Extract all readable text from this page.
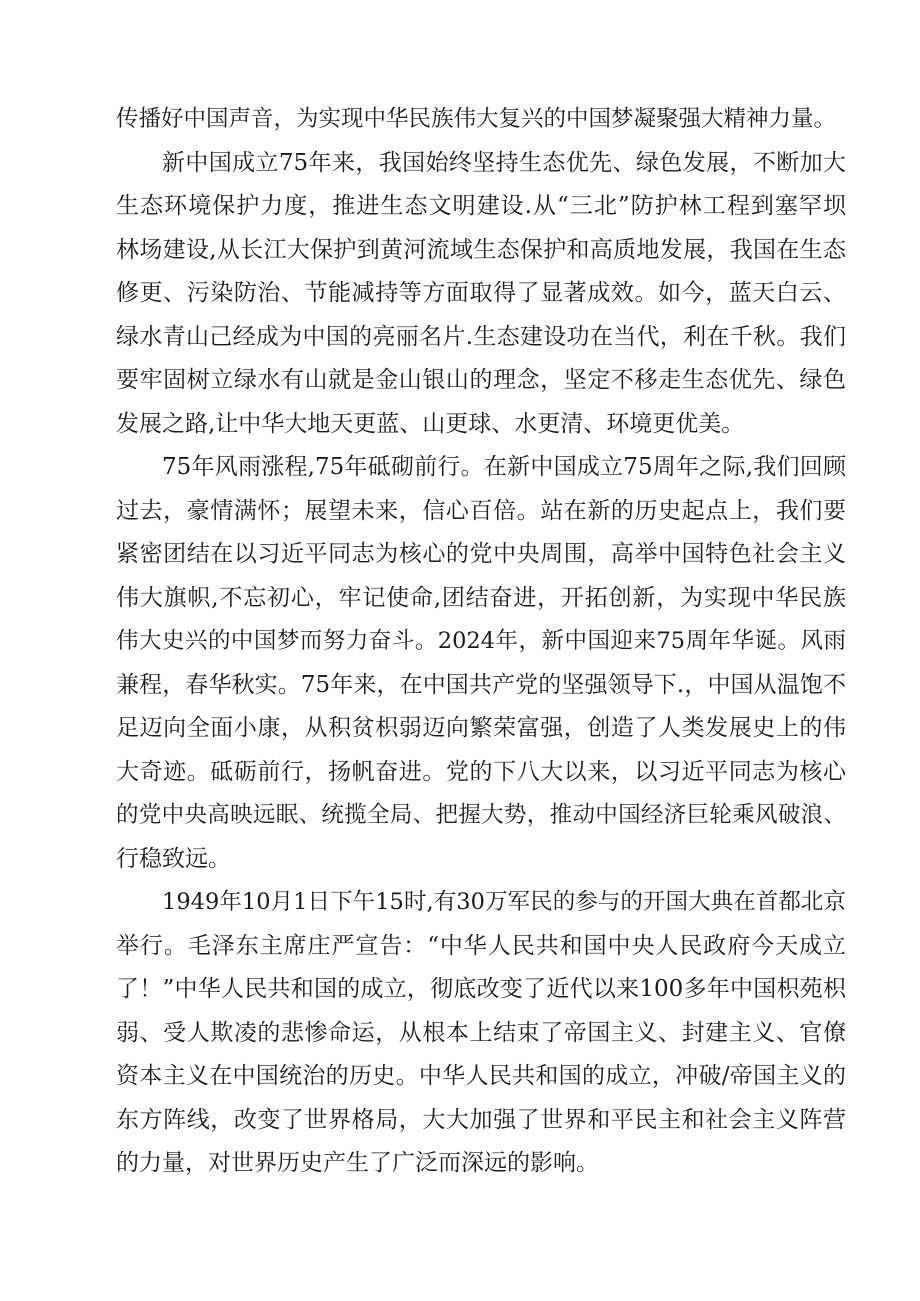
传播好中国声音，为实现中华民族伟大复兴的中国梦凝聚强大精神力量。
新中国成立75年来，我国始终坚持生态优先、绿色发展，不断加大
生态环境保护力度，推进生态文明建设.从“三北”防护林工程到塞罕坝
林场建设,从长江大保护到黄河流域生态保护和高质地发展，我国在生态
修更、污染防治、节能减持等方面取得了显著成效。如今，蓝天白云、
绿水青山己经成为中国的亮丽名片.生态建设功在当代，利在千秋。我们
要牢固树立绿水有山就是金山银山的理念，坚定不移走生态优先、绿色
发展之路,让中华大地天更蓝、山更球、水更清、环境更优美。
75年风雨涨程,75年砥砌前行。在新中国成立75周年之际,我们回顾
过去，豪情满怀；展望未来，信心百倍。站在新的历史起点上，我们要
紧密团结在以习近平同志为核心的党中央周围，高举中国特色社会主义
伟大旗帜,不忘初心，牢记使命,团结奋进，开拓创新，为实现中华民族
伟大史兴的中国梦而努力奋斗。2024年，新中国迎来75周年华诞。风雨
兼程，春华秋实。75年来，在中国共产党的坚强领导下.，中国从温饱不
足迈向全面小康，从积贫枳弱迈向繁荣富强，创造了人类发展史上的伟
大奇迹。砥砺前行，扬帆奋进。党的下八大以来，以习近平同志为核心
的党中央高映远眠、统揽全局、把握大势，推动中国经济巨轮乘风破浪、
行稳致远。
1949年10月1日下午15时,有30万军民的参与的开国大典在首都北京
举行。毛泽东主席庄严宣告：“中华人民共和国中央人民政府今天成立
了！”中华人民共和国的成立，彻底改变了近代以来100多年中国枳苑枳
弱、受人欺凌的悲惨命运，从根本上结束了帝国主义、封建主义、官僚
资本主义在中国统治的历史。中华人民共和国的成立，冲破/帝国主义的
东方阵线，改变了世界格局，大大加强了世界和平民主和社会主义阵营
的力量，对世界历史产生了广泛而深远的影响。
